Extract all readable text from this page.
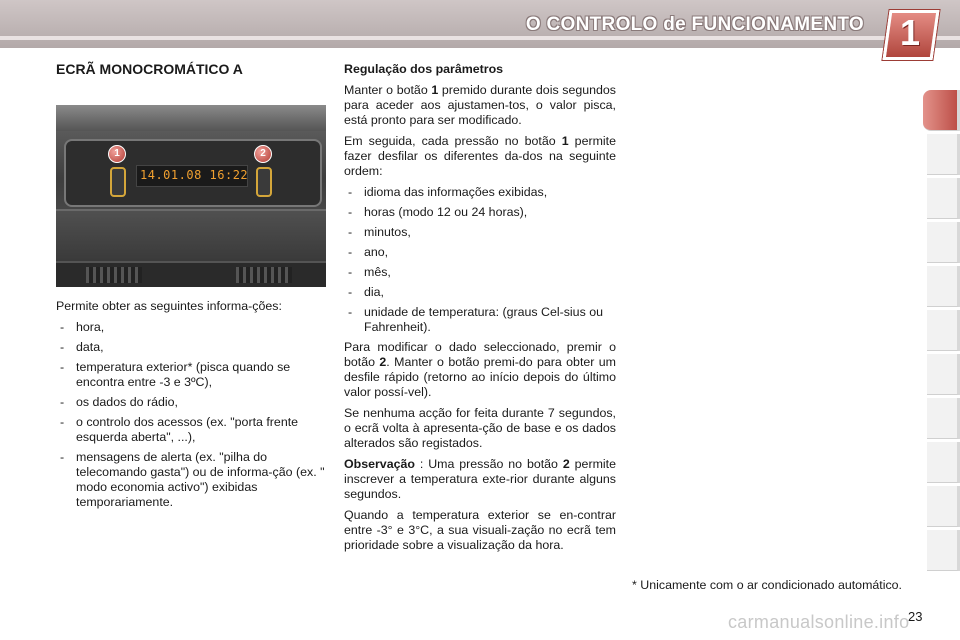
O CONTROLO de FUNCIONAMENTO 1
ECRÃ MONOCROMÁTICO A
14.01.08 16:22
1	2

Permite obter as seguintes informa-ções:

- hora,
- data,
- temperatura exterior* (pisca quando se encontra entre -3 e 3ºC),
- os dados do rádio,
- o controlo dos acessos (ex. "porta frente esquerda aberta", ...),
- mensagens de alerta (ex. "pilha do telecomando gasta") ou de informa-ção (ex. " modo economia activo") exibidas temporariamente.
Regulação dos parâmetros

Manter o botão 1 premido durante dois segundos para aceder aos ajustamen-tos, o valor pisca, está pronto para ser modificado.

Em seguida, cada pressão no botão 1 permite fazer desfilar os diferentes da-dos na seguinte ordem:

- idioma das informações exibidas,
- horas (modo 12 ou 24 horas),
- minutos,
- ano,
- mês,
- dia,
- unidade de temperatura: (graus Cel-sius ou Fahrenheit).

Para modificar o dado seleccionado, premir o botão 2. Manter o botão premi-do para obter um desfile rápido (retorno ao início depois do último valor possí-vel).

Se nenhuma acção for feita durante 7 segundos, o ecrã volta à apresenta-ção de base e os dados alterados são registados.

Observação : Uma pressão no botão 2 permite inscrever a temperatura exte-rior durante alguns segundos.

Quando a temperatura exterior se en-contrar entre -3° e 3°C, a sua visuali-zação no ecrã tem prioridade sobre a visualização da hora.

* Unicamente com o ar condicionado automático.
carmanualsonline.info
23
